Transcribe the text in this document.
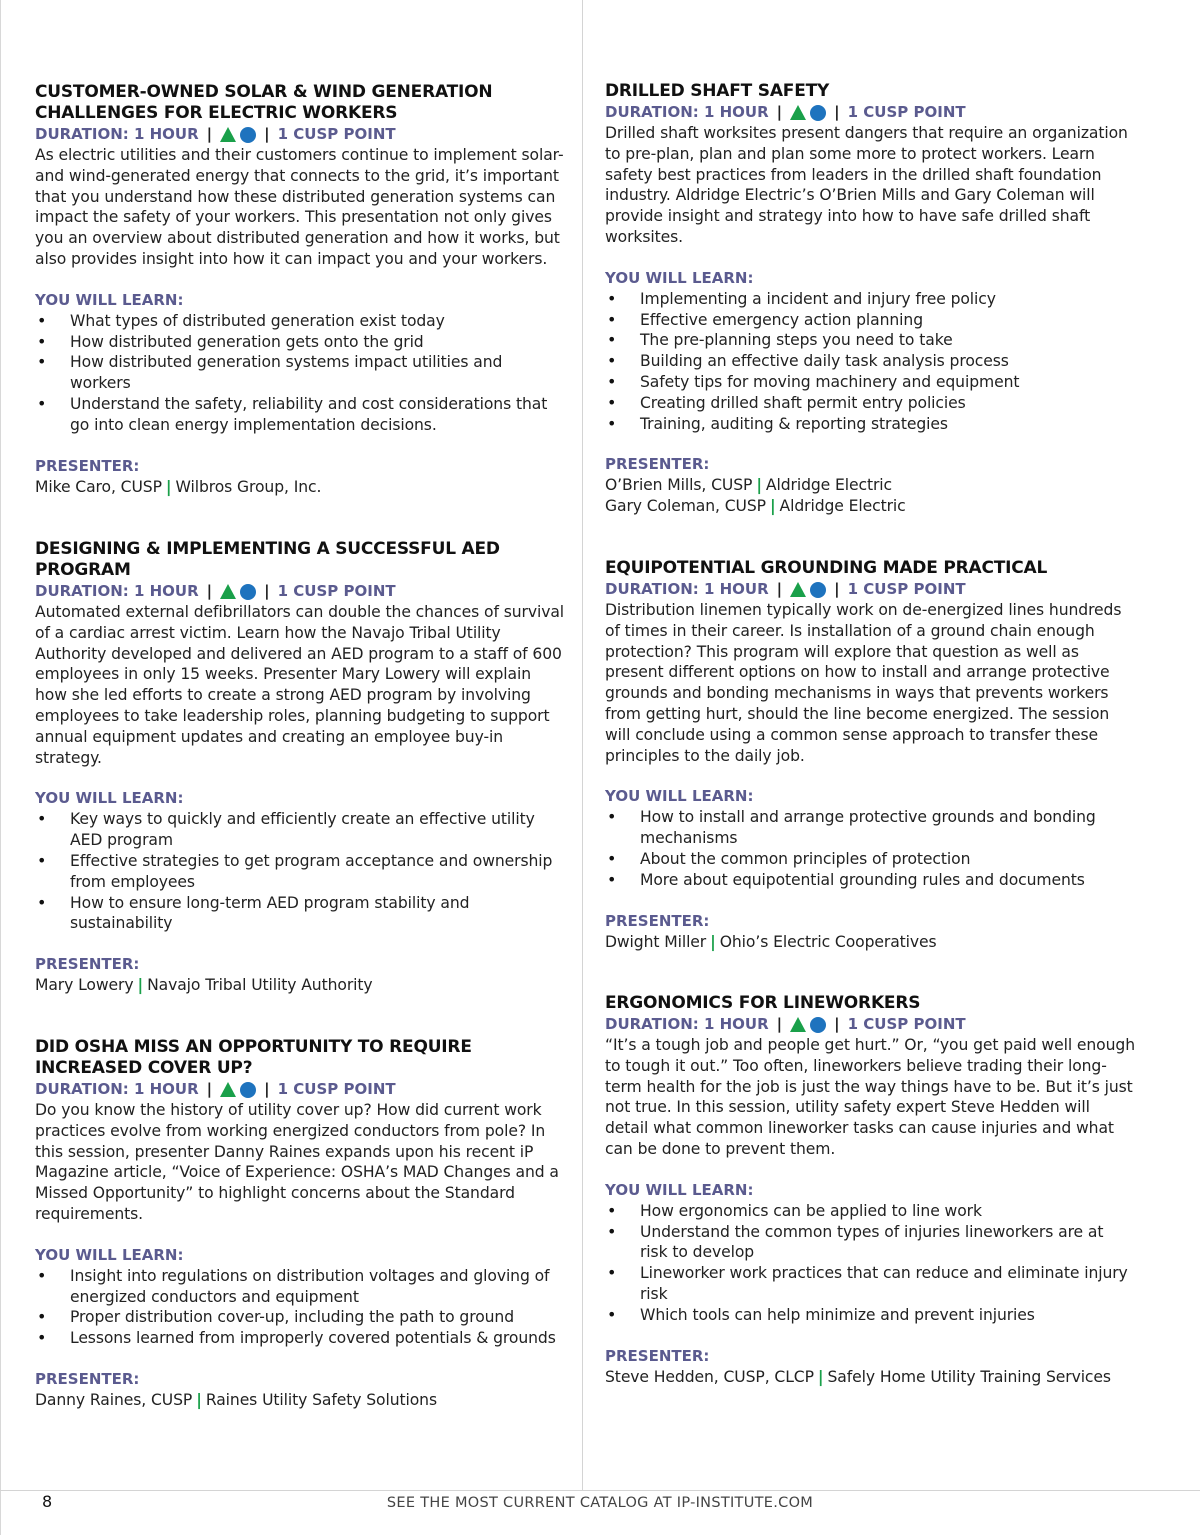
CUSTOMER-OWNED SOLAR & WIND GENERATION CHALLENGES FOR ELECTRIC WORKERS
DURATION: 1 HOUR |	| 1 CUSP POINT

As electric utilities and their customers continue to implement solar- and wind-generated energy that connects to the grid, it’s important that you understand how these distributed generation systems can impact the safety of your workers. This presentation not only gives you an overview about distributed generation and how it works, but also provides insight into how it can impact you and your workers.

YOU WILL LEARN:
• What types of distributed generation exist today
• How distributed generation gets onto the grid
• How distributed generation systems impact utilities and workers
• Understand the safety, reliability and cost considerations that go into clean energy implementation decisions.
PRESENTER:
Mike Caro, CUSP | Wilbros Group, Inc.
DESIGNING & IMPLEMENTING A SUCCESSFUL AED PROGRAM
DURATION: 1 HOUR |	| 1 CUSP POINT

Automated external defibrillators can double the chances of survival of a cardiac arrest victim. Learn how the Navajo Tribal Utility Authority developed and delivered an AED program to a staff of 600 employees in only 15 weeks. Presenter Mary Lowery will explain how she led efforts to create a strong AED program by involving employees to take leadership roles, planning budgeting to support annual equipment updates and creating an employee buy-in strategy.

YOU WILL LEARN:
• Key ways to quickly and efficiently create an effective utility AED program
• Effective strategies to get program acceptance and ownership from employees
• How to ensure long-term AED program stability and sustainability
PRESENTER:
Mary Lowery | Navajo Tribal Utility Authority
DID OSHA MISS AN OPPORTUNITY TO REQUIRE INCREASED COVER UP?
DURATION: 1 HOUR |	| 1 CUSP POINT

Do you know the history of utility cover up? How did current work practices evolve from working energized conductors from pole? In this session, presenter Danny Raines expands upon his recent iP Magazine article, “Voice of Experience: OSHA’s MAD Changes and a Missed Opportunity” to highlight concerns about the Standard requirements.

YOU WILL LEARN:
• Insight into regulations on distribution voltages and gloving of energized conductors and equipment
• Proper distribution cover-up, including the path to ground
• Lessons learned from improperly covered potentials & grounds
PRESENTER:
Danny Raines, CUSP | Raines Utility Safety Solutions
DRILLED SHAFT SAFETY
DURATION: 1 HOUR |	| 1 CUSP POINT

Drilled shaft worksites present dangers that require an organization to pre-plan, plan and plan some more to protect workers. Learn safety best practices from leaders in the drilled shaft foundation industry. Aldridge Electric’s O’Brien Mills and Gary Coleman will provide insight and strategy into how to have safe drilled shaft worksites.

YOU WILL LEARN:
• Implementing a incident and injury free policy
• Effective emergency action planning
• The pre-planning steps you need to take
• Building an effective daily task analysis process
• Safety tips for moving machinery and equipment
• Creating drilled shaft permit entry policies
• Training, auditing & reporting strategies
PRESENTER:
O’Brien Mills, CUSP | Aldridge Electric
Gary Coleman, CUSP | Aldridge Electric
EQUIPOTENTIAL GROUNDING MADE PRACTICAL
DURATION: 1 HOUR |	| 1 CUSP POINT

Distribution linemen typically work on de-energized lines hundreds of times in their career. Is installation of a ground chain enough protection? This program will explore that question as well as present different options on how to install and arrange protective grounds and bonding mechanisms in ways that prevents workers from getting hurt, should the line become energized. The session will conclude using a common sense approach to transfer these principles to the daily job.

YOU WILL LEARN:
• How to install and arrange protective grounds and bonding mechanisms
• About the common principles of protection
• More about equipotential grounding rules and documents
PRESENTER:
Dwight Miller | Ohio’s Electric Cooperatives
ERGONOMICS FOR LINEWORKERS
DURATION: 1 HOUR |	| 1 CUSP POINT

“It’s a tough job and people get hurt.” Or, “you get paid well enough to tough it out.” Too often, lineworkers believe trading their long-term health for the job is just the way things have to be. But it’s just not true. In this session, utility safety expert Steve Hedden will detail what common lineworker tasks can cause injuries and what can be done to prevent them.

YOU WILL LEARN:
• How ergonomics can be applied to line work
• Understand the common types of injuries lineworkers are at risk to develop
• Lineworker work practices that can reduce and eliminate injury risk
• Which tools can help minimize and prevent injuries
PRESENTER:
Steve Hedden, CUSP, CLCP | Safely Home Utility Training Services
8	SEE THE MOST CURRENT CATALOG AT IP-INSTITUTE.COM
